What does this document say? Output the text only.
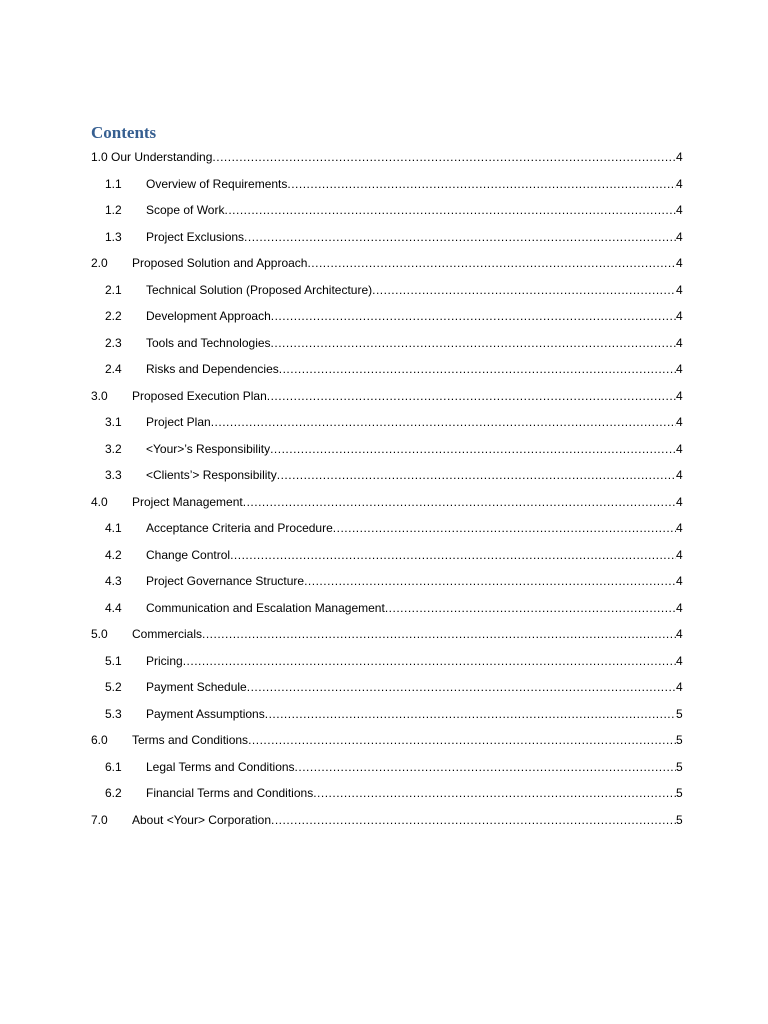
Contents
1.0 Our Understanding .....	4
1.1 Overview of Requirements .....	4
1.2 Scope of Work .....	4
1.3 Project Exclusions .....	4
2.0 Proposed Solution and Approach .....	4
2.1 Technical Solution (Proposed Architecture) .....	4
2.2 Development Approach .....	4
2.3 Tools and Technologies .....	4
2.4 Risks and Dependencies .....	4
3.0 Proposed Execution Plan .....	4
3.1 Project Plan .....	4
3.2 <Your>’s Responsibility .....	4
3.3 <Clients’> Responsibility .....	4
4.0 Project Management .....	4
4.1 Acceptance Criteria and Procedure .....	4
4.2 Change Control .....	4
4.3 Project Governance Structure .....	4
4.4 Communication and Escalation Management .....	4
5.0 Commercials .....	4
5.1 Pricing .....	4
5.2 Payment Schedule .....	4
5.3 Payment Assumptions .....	5
6.0 Terms and Conditions .....	5
6.1 Legal Terms and Conditions .....	5
6.2 Financial Terms and Conditions .....	5
7.0 About <Your> Corporation .....	5
